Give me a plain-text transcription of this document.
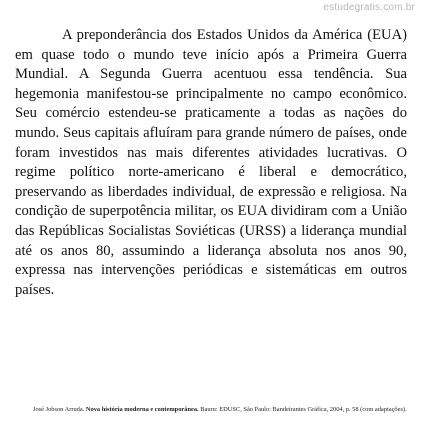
estudegratis.com.br

A preponderância dos Estados Unidos da América (EUA) em quase todo o mundo teve início após a Primeira Guerra Mundial. A Segunda Guerra acentuou essa tendência. Sua hegemonia manifestou-se principalmente no campo econômico. Seu comércio estendeu-se praticamente a todas as nações do mundo. Seus capitais afluíram para grande número de países, onde foram investidos nas mais diferentes atividades lucrativas. O regime político norte-americano é liberal e democrático, preservando as liberdades individual, de expressão e religiosa. Na condição de superpotência militar, os EUA dividiram com a União das Repúblicas Socialistas Soviéticas (URSS) a liderança mundial até os anos 80, assumindo a liderança absoluta nos anos 90, expressa nas intervenções periódicas e sistemáticas em outros países.

José Jobson Arruda. Nova história moderna e contemporânea. Bauru: EDUSC, São Paulo: Bandeirantes Gráfica, 2004, p. 58 (com adaptações).
